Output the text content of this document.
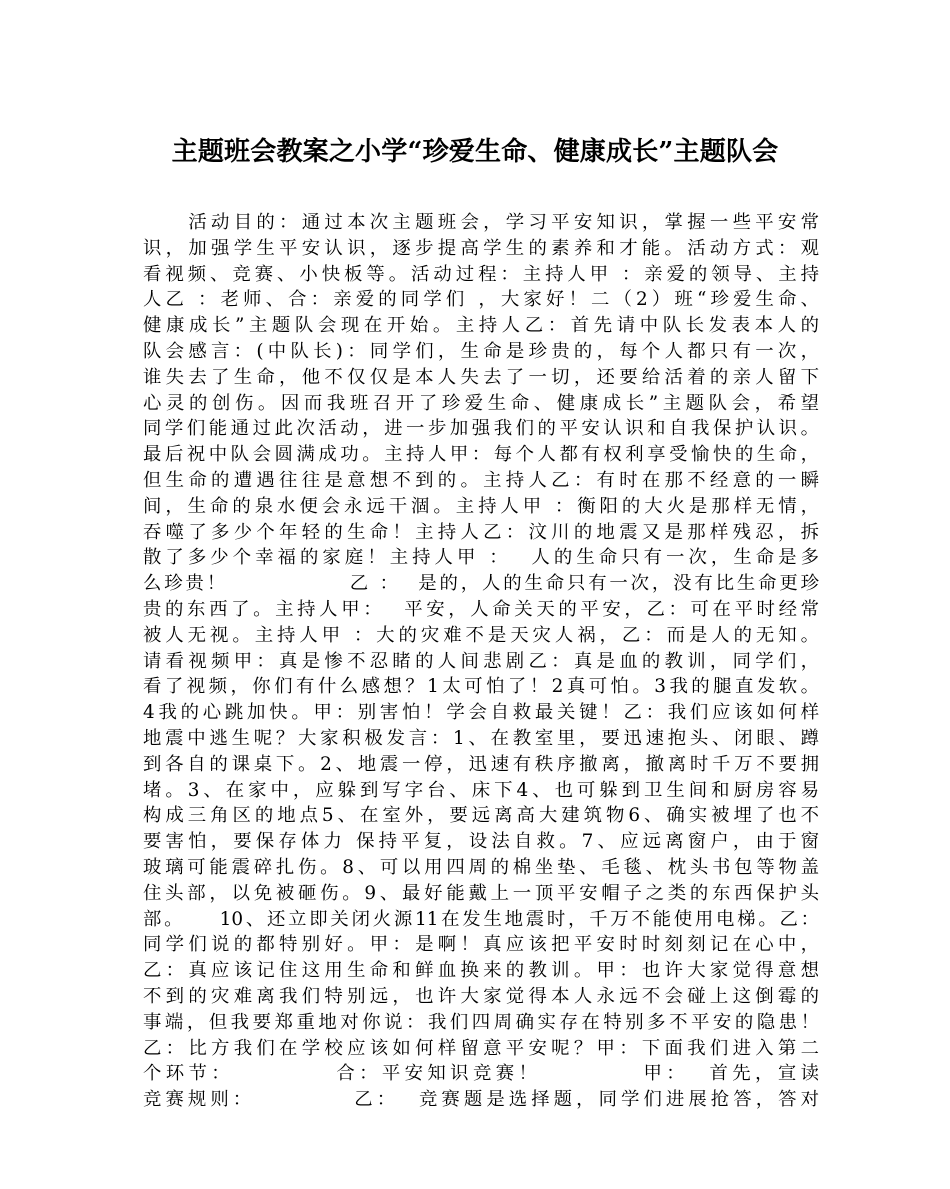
主题班会教案之小学“珍爱生命、健康成长”主题队会
　　活动目的：通过本次主题班会，学习平安知识，掌握一些平安常
识，加强学生平安认识，逐步提高学生的素养和才能。活动方式：观
看视频、竞赛、小快板等。活动过程：主持人甲 ：亲爱的领导、主持
人乙 ：老师、合：亲爱的同学们 ，大家好！二（2）班“珍爱生命、
健康成长”主题队会现在开始。主持人乙：首先请中队长发表本人的
队会感言：(中队长)：同学们，生命是珍贵的，每个人都只有一次，
谁失去了生命，他不仅仅是本人失去了一切，还要给活着的亲人留下
心灵的创伤。因而我班召开了珍爱生命、健康成长”主题队会，希望
同学们能通过此次活动，进一步加强我们的平安认识和自我保护认识。
最后祝中队会圆满成功。主持人甲：每个人都有权利享受愉快的生命，
但生命的遭遇往往是意想不到的。主持人乙：有时在那不经意的一瞬
间，生命的泉水便会永远干涸。主持人甲 ：衡阳的大火是那样无情，
吞噬了多少个年轻的生命！主持人乙：汶川的地震又是那样残忍，拆
散了多少个幸福的家庭！主持人甲 ：  人的生命只有一次，生命是多
么珍贵！              乙 ：  是的，人的生命只有一次，没有比生命更珍
贵的东西了。主持人甲：  平安，人命关天的平安，乙：可在平时经常
被人无视。主持人甲 ：大的灾难不是天灾人祸，乙：而是人的无知。
请看视频甲：真是惨不忍睹的人间悲剧乙：真是血的教训，同学们，
看了视频，你们有什么感想？1太可怕了！2真可怕。3我的腿直发软。
4我的心跳加快。甲：别害怕！学会自救最关键！乙：我们应该如何样
地震中逃生呢？大家积极发言：1、在教室里，要迅速抱头、闭眼、蹲
到各自的课桌下。2、地震一停，迅速有秩序撤离，撤离时千万不要拥
堵。3、在家中，应躲到写字台、床下4、也可躲到卫生间和厨房容易
构成三角区的地点5、在室外，要远离高大建筑物6、确实被埋了也不
要害怕，要保存体力 保持平复，设法自救。7、应远离窗户，由于窗
玻璃可能震碎扎伤。8、可以用四周的棉坐垫、毛毯、枕头书包等物盖
住头部，以免被砸伤。9、最好能戴上一顶平安帽子之类的东西保护头
部。    10、还立即关闭火源11在发生地震时，千万不能使用电梯。乙：
同学们说的都特别好。甲：是啊！真应该把平安时时刻刻记在心中，
乙：真应该记住这用生命和鲜血换来的教训。甲：也许大家觉得意想
不到的灾难离我们特别远，也许大家觉得本人永远不会碰上这倒霉的
事端，但我要郑重地对你说：我们四周确实存在特别多不平安的隐患！
乙：比方我们在学校应该如何样留意平安呢？甲：下面我们进入第二
个环节：          合：平安知识竞赛！          甲：  首先，宣读
竞赛规则：          乙：  竞赛题是选择题，同学们进展抢答，答对
